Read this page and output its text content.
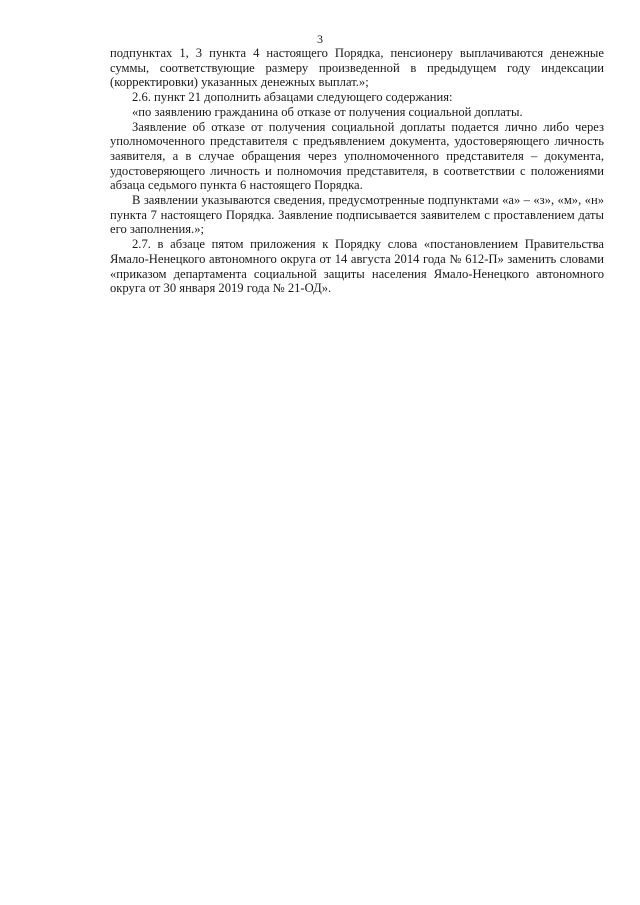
3

подпунктах 1, 3 пункта 4 настоящего Порядка, пенсионеру выплачиваются денежные суммы, соответствующие размеру произведенной в предыдущем году индексации (корректировки) указанных денежных выплат.»;

2.6. пункт 21 дополнить абзацами следующего содержания:

«по заявлению гражданина об отказе от получения социальной доплаты.

Заявление об отказе от получения социальной доплаты подается лично либо через уполномоченного представителя с предъявлением документа, удостоверяющего личность заявителя, а в случае обращения через уполномоченного представителя – документа, удостоверяющего личность и полномочия представителя, в соответствии с положениями абзаца седьмого пункта 6 настоящего Порядка.

В заявлении указываются сведения, предусмотренные подпунктами «а» – «з», «м», «н» пункта 7 настоящего Порядка. Заявление подписывается заявителем с проставлением даты его заполнения.»;

2.7. в абзаце пятом приложения к Порядку слова «постановлением Правительства Ямало-Ненецкого автономного округа от 14 августа 2014 года № 612-П» заменить словами «приказом департамента социальной защиты населения Ямало-Ненецкого автономного округа от 30 января 2019 года № 21-ОД».
